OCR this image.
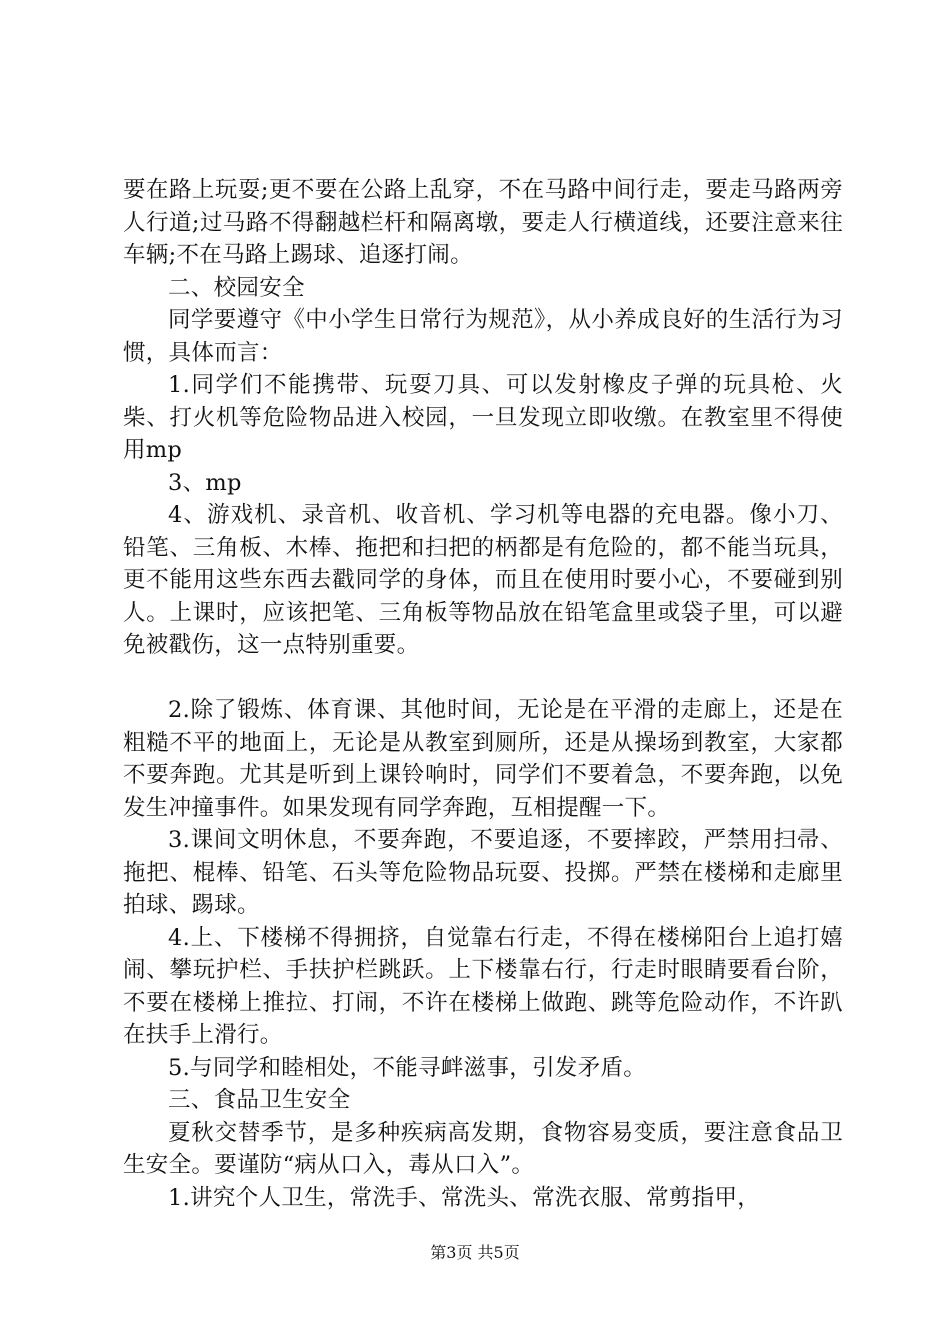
要在路上玩耍;更不要在公路上乱穿，不在马路中间行走，要走马路两旁人行道;过马路不得翻越栏杆和隔离墩，要走人行横道线，还要注意来往车辆;不在马路上踢球、追逐打闹。

二、校园安全

同学要遵守《中小学生日常行为规范》，从小养成良好的生活行为习惯，具体而言：

1.同学们不能携带、玩耍刀具、可以发射橡皮子弹的玩具枪、火柴、打火机等危险物品进入校园，一旦发现立即收缴。在教室里不得使用mp

3、mp

4、游戏机、录音机、收音机、学习机等电器的充电器。像小刀、铅笔、三角板、木棒、拖把和扫把的柄都是有危险的，都不能当玩具，更不能用这些东西去戳同学的身体，而且在使用时要小心，不要碰到别人。上课时，应该把笔、三角板等物品放在铅笔盒里或袋子里，可以避免被戳伤，这一点特别重要。

2.除了锻炼、体育课、其他时间，无论是在平滑的走廊上，还是在粗糙不平的地面上，无论是从教室到厕所，还是从操场到教室，大家都不要奔跑。尤其是听到上课铃响时，同学们不要着急，不要奔跑，以免发生冲撞事件。如果发现有同学奔跑，互相提醒一下。

3.课间文明休息，不要奔跑，不要追逐，不要摔跤，严禁用扫帚、拖把、棍棒、铅笔、石头等危险物品玩耍、投掷。严禁在楼梯和走廊里拍球、踢球。

4.上、下楼梯不得拥挤，自觉靠右行走，不得在楼梯阳台上追打嬉闹、攀玩护栏、手扶护栏跳跃。上下楼靠右行，行走时眼睛要看台阶，不要在楼梯上推拉、打闹，不许在楼梯上做跑、跳等危险动作，不许趴在扶手上滑行。

5.与同学和睦相处，不能寻衅滋事，引发矛盾。

三、食品卫生安全

夏秋交替季节，是多种疾病高发期，食物容易变质，要注意食品卫生安全。要谨防“病从口入，毒从口入”。

1.讲究个人卫生，常洗手、常洗头、常洗衣服、常剪指甲，

第3页 共5页
